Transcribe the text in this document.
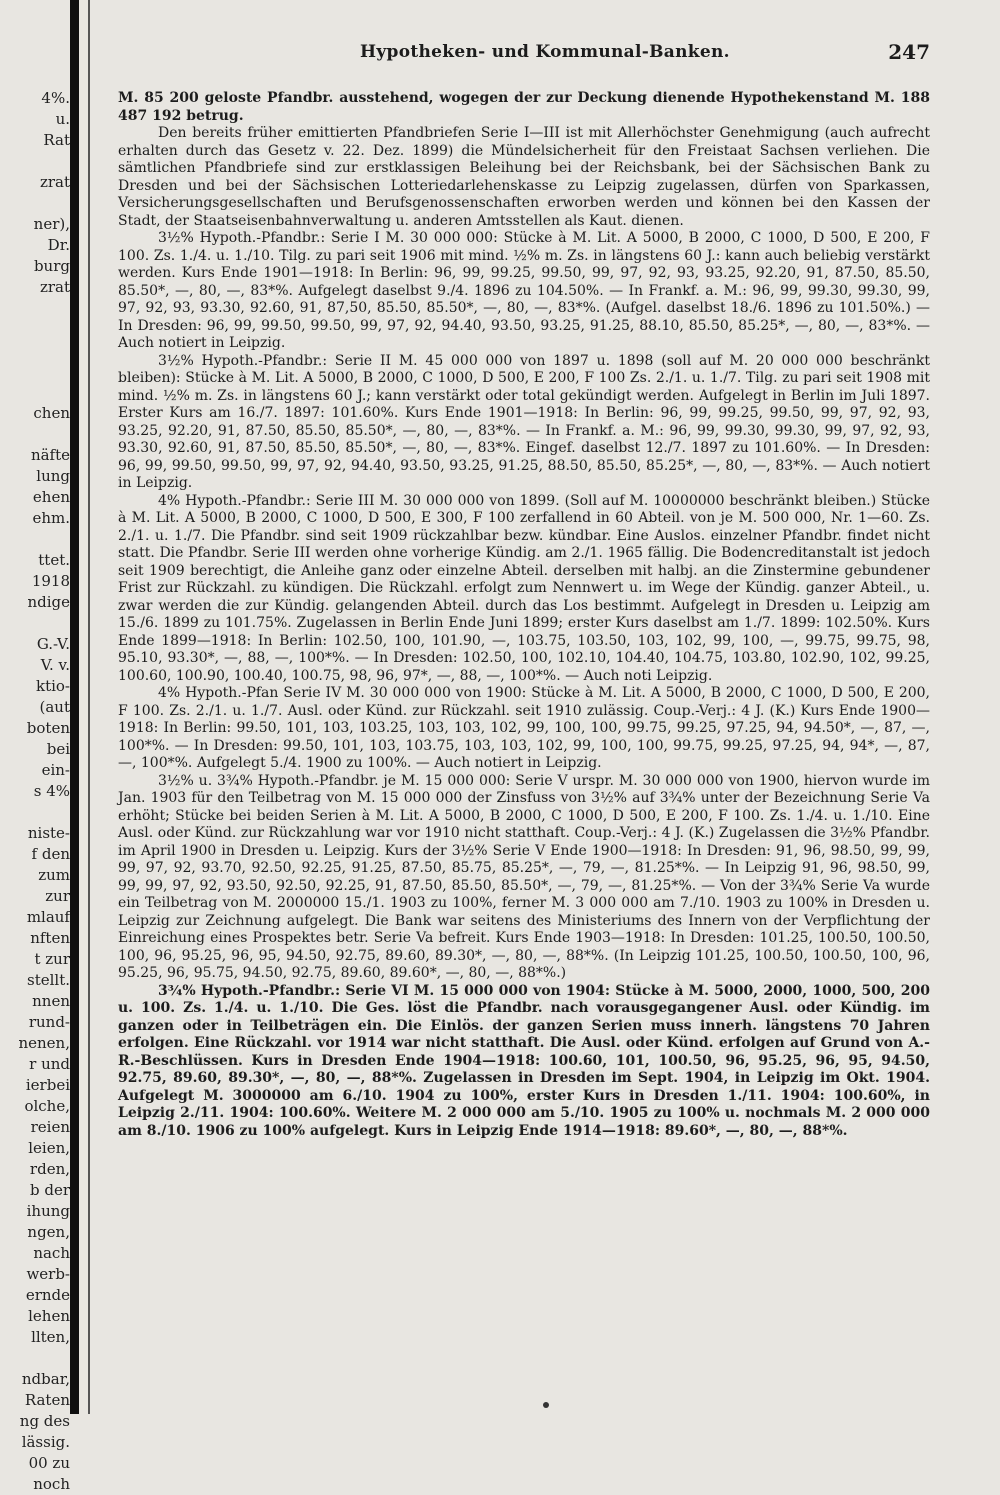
4%.
u.
Rat
zrat
ner),
Dr.
burg
zrat
chen
näfte
lung
ehen
ehm.
ttet.
1918
ndige
G.-V.
V. v.
ktio-
(aut
boten
bei
ein-
s 4%
niste-
f den
zum
zur
mlauf
nften
t zur
stellt.
nnen
rund-
nenen,
r und
ierbei
olche,
reien
leien,
rden,
b der
ihung
ngen,
nach
werb-
ernde
lehen
llten,
ndbar,
Raten
ng des
lässig.
00 zu
noch
Hypotheken- und Kommunal-Banken.	247

M. 85 200 geloste Pfandbr. ausstehend, wogegen der zur Deckung dienende Hypothekenstand M. 188 487 192 betrug.

Den bereits früher emittierten Pfandbriefen Serie I—III ist mit Allerhöchster Genehmigung (auch aufrecht erhalten durch das Gesetz v. 22. Dez. 1899) die Mündelsicherheit für den Freistaat Sachsen verliehen. Die sämtlichen Pfandbriefe sind zur erstklassigen Beleihung bei der Reichsbank, bei der Sächsischen Bank zu Dresden und bei der Sächsischen Lotteriedarlehenskasse zu Leipzig zugelassen, dürfen von Sparkassen, Versicherungsgesellschaften und Berufsgenossenschaften erworben werden und können bei den Kassen der Stadt, der Staatseisenbahnverwaltung u. anderen Amtsstellen als Kaut. dienen.

3½% Hypoth.-Pfandbr.: Serie I M. 30 000 000: Stücke à M. Lit. A 5000, B 2000, C 1000, D 500, E 200, F 100. Zs. 1./4. u. 1./10. Tilg. zu pari seit 1906 mit mind. ½% m. Zs. in längstens 60 J.: kann auch beliebig verstärkt werden. Kurs Ende 1901—1918: In Berlin: 96, 99, 99.25, 99.50, 99, 97, 92, 93, 93.25, 92.20, 91, 87.50, 85.50, 85.50*, —, 80, —, 83*%. Aufgelegt daselbst 9./4. 1896 zu 104.50%. — In Frankf. a. M.: 96, 99, 99.30, 99.30, 99, 97, 92, 93, 93.30, 92.60, 91, 87,50, 85.50, 85.50*, —, 80, —, 83*%. (Aufgel. daselbst 18./6. 1896 zu 101.50%.) — In Dresden: 96, 99, 99.50, 99.50, 99, 97, 92, 94.40, 93.50, 93.25, 91.25, 88.10, 85.50, 85.25*, —, 80, —, 83*%. — Auch notiert in Leipzig.

3½% Hypoth.-Pfandbr.: Serie II M. 45 000 000 von 1897 u. 1898 (soll auf M. 20 000 000 beschränkt bleiben): Stücke à M. Lit. A 5000, B 2000, C 1000, D 500, E 200, F 100 Zs. 2./1. u. 1./7. Tilg. zu pari seit 1908 mit mind. ½% m. Zs. in längstens 60 J.; kann verstärkt oder total gekündigt werden. Aufgelegt in Berlin im Juli 1897. Erster Kurs am 16./7. 1897: 101.60%. Kurs Ende 1901—1918: In Berlin: 96, 99, 99.25, 99.50, 99, 97, 92, 93, 93.25, 92.20, 91, 87.50, 85.50, 85.50*, —, 80, —, 83*%. — In Frankf. a. M.: 96, 99, 99.30, 99.30, 99, 97, 92, 93, 93.30, 92.60, 91, 87.50, 85.50, 85.50*, —, 80, —, 83*%. Eingef. daselbst 12./7. 1897 zu 101.60%. — In Dresden: 96, 99, 99.50, 99.50, 99, 97, 92, 94.40, 93.50, 93.25, 91.25, 88.50, 85.50, 85.25*, —, 80, —, 83*%. — Auch notiert in Leipzig.

4% Hypoth.-Pfandbr.: Serie III M. 30 000 000 von 1899. (Soll auf M. 10000000 beschränkt bleiben.) Stücke à M. Lit. A 5000, B 2000, C 1000, D 500, E 300, F 100 zerfallend in 60 Abteil. von je M. 500 000, Nr. 1—60. Zs. 2./1. u. 1./7. Die Pfandbr. sind seit 1909 rückzahlbar bezw. kündbar. Eine Auslos. einzelner Pfandbr. findet nicht statt. Die Pfandbr. Serie III werden ohne vorherige Kündig. am 2./1. 1965 fällig. Die Bodencreditanstalt ist jedoch seit 1909 berechtigt, die Anleihe ganz oder einzelne Abteil. derselben mit halbj. an die Zinstermine gebundener Frist zur Rückzahl. zu kündigen. Die Rückzahl. erfolgt zum Nennwert u. im Wege der Kündig. ganzer Abteil., u. zwar werden die zur Kündig. gelangenden Abteil. durch das Los bestimmt. Aufgelegt in Dresden u. Leipzig am 15./6. 1899 zu 101.75%. Zugelassen in Berlin Ende Juni 1899; erster Kurs daselbst am 1./7. 1899: 102.50%. Kurs Ende 1899—1918: In Berlin: 102.50, 100, 101.90, —, 103.75, 103.50, 103, 102, 99, 100, —, 99.75, 99.75, 98, 95.10, 93.30*, —, 88, —, 100*%. — In Dresden: 102.50, 100, 102.10, 104.40, 104.75, 103.80, 102.90, 102, 99.25, 100.60, 100.90, 100.40, 100.75, 98, 96, 97*, —, 88, —, 100*%. — Auch noti Leipzig.

4% Hypoth.-Pfan Serie IV M. 30 000 000 von 1900: Stücke à M. Lit. A 5000, B 2000, C 1000, D 500, E 200, F 100. Zs. 2./1. u. 1./7. Ausl. oder Künd. zur Rückzahl. seit 1910 zulässig. Coup.-Verj.: 4 J. (K.) Kurs Ende 1900—1918: In Berlin: 99.50, 101, 103, 103.25, 103, 103, 102, 99, 100, 100, 99.75, 99.25, 97.25, 94, 94.50*, —, 87, —, 100*%. — In Dresden: 99.50, 101, 103, 103.75, 103, 103, 102, 99, 100, 100, 99.75, 99.25, 97.25, 94, 94*, —, 87, —, 100*%. Aufgelegt 5./4. 1900 zu 100%. — Auch notiert in Leipzig.

3½% u. 3¾% Hypoth.-Pfandbr. je M. 15 000 000: Serie V urspr. M. 30 000 000 von 1900, hiervon wurde im Jan. 1903 für den Teilbetrag von M. 15 000 000 der Zinsfuss von 3½% auf 3¾% unter der Bezeichnung Serie Va erhöht; Stücke bei beiden Serien à M. Lit. A 5000, B 2000, C 1000, D 500, E 200, F 100. Zs. 1./4. u. 1./10. Eine Ausl. oder Künd. zur Rückzahlung war vor 1910 nicht statthaft. Coup.-Verj.: 4 J. (K.) Zugelassen die 3½% Pfandbr. im April 1900 in Dresden u. Leipzig. Kurs der 3½% Serie V Ende 1900—1918: In Dresden: 91, 96, 98.50, 99, 99, 99, 97, 92, 93.70, 92.50, 92.25, 91.25, 87.50, 85.75, 85.25*, —, 79, —, 81.25*%. — In Leipzig 91, 96, 98.50, 99, 99, 99, 97, 92, 93.50, 92.50, 92.25, 91, 87.50, 85.50, 85.50*, —, 79, —, 81.25*%. — Von der 3¾% Serie Va wurde ein Teilbetrag von M. 2000000 15./1. 1903 zu 100%, ferner M. 3 000 000 am 7./10. 1903 zu 100% in Dresden u. Leipzig zur Zeichnung aufgelegt. Die Bank war seitens des Ministeriums des Innern von der Verpflichtung der Einreichung eines Prospektes betr. Serie Va befreit. Kurs Ende 1903—1918: In Dresden: 101.25, 100.50, 100.50, 100, 96, 95.25, 96, 95, 94.50, 92.75, 89.60, 89.30*, —, 80, —, 88*%. (In Leipzig 101.25, 100.50, 100.50, 100, 96, 95.25, 96, 95.75, 94.50, 92.75, 89.60, 89.60*, —, 80, —, 88*%.)

3¾% Hypoth.-Pfandbr.: Serie VI M. 15 000 000 von 1904: Stücke à M. 5000, 2000, 1000, 500, 200 u. 100. Zs. 1./4. u. 1./10. Die Ges. löst die Pfandbr. nach vorausgegangener Ausl. oder Kündig. im ganzen oder in Teilbeträgen ein. Die Einlös. der ganzen Serien muss innerh. längstens 70 Jahren erfolgen. Eine Rückzahl. vor 1914 war nicht statthaft. Die Ausl. oder Künd. erfolgen auf Grund von A.-R.-Beschlüssen. Kurs in Dresden Ende 1904—1918: 100.60, 101, 100.50, 96, 95.25, 96, 95, 94.50, 92.75, 89.60, 89.30*, —, 80, —, 88*%. Zugelassen in Dresden im Sept. 1904, in Leipzig im Okt. 1904. Aufgelegt M. 3000000 am 6./10. 1904 zu 100%, erster Kurs in Dresden 1./11. 1904: 100.60%, in Leipzig 2./11. 1904: 100.60%. Weitere M. 2 000 000 am 5./10. 1905 zu 100% u. nochmals M. 2 000 000 am 8./10. 1906 zu 100% aufgelegt. Kurs in Leipzig Ende 1914—1918: 89.60*, —, 80, —, 88*%.
